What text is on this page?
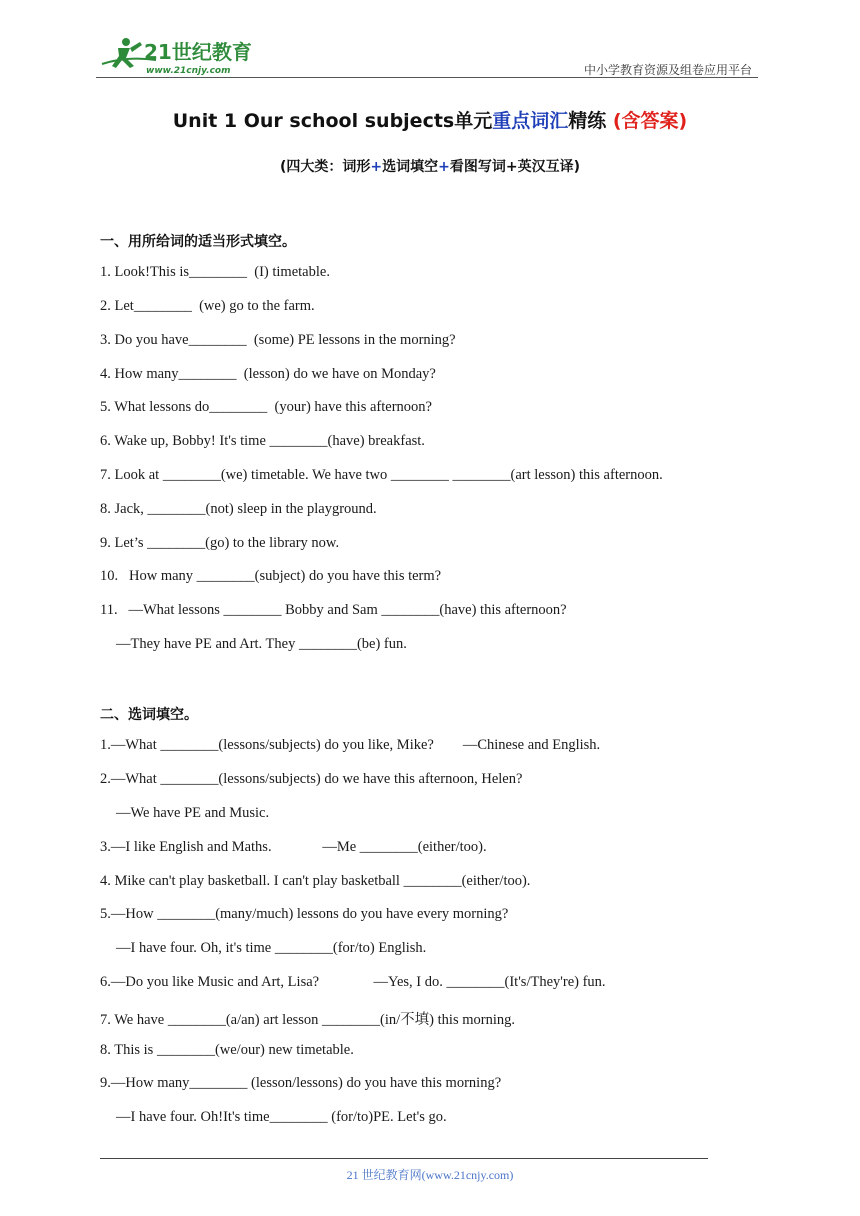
21世纪教育
www.21cnjy.com	中小学教育资源及组卷应用平台
Unit 1 Our school subjects单元重点词汇精练 (含答案)
(四大类：词形+选词填空+看图写词+英汉互译)
一、用所给词的适当形式填空。
1. Look!This is________  (I) timetable.
2. Let________  (we) go to the farm.
3. Do you have________  (some) PE lessons in the morning?
4. How many________  (lesson) do we have on Monday?
5. What lessons do________  (your) have this afternoon?
6. Wake up, Bobby! It's time ________(have) breakfast.
7. Look at ________(we) timetable. We have two ________ ________(art lesson) this afternoon.
8. Jack, ________(not) sleep in the playground.
9. Let’s ________(go) to the library now.
10.   How many ________(subject) do you have this term?
11.   —What lessons ________ Bobby and Sam ________(have) this afternoon?
—They have PE and Art. They ________(be) fun.
二、选词填空。
1.—What ________(lessons/subjects) do you like, Mike?        —Chinese and English.
2.—What ________(lessons/subjects) do we have this afternoon, Helen?
—We have PE and Music.
3.—I like English and Maths.              —Me ________(either/too).
4. Mike can't play basketball. I can't play basketball ________(either/too).
5.—How ________(many/much) lessons do you have every morning?
—I have four. Oh, it's time ________(for/to) English.
6.—Do you like Music and Art, Lisa?               —Yes, I do. ________(It's/They're) fun.
7. We have ________(a/an) art lesson ________(in/不填) this morning.
8. This is ________(we/our) new timetable.
9.—How many________ (lesson/lessons) do you have this morning?
—I have four. Oh!It's time________ (for/to)PE. Let's go.
21 世纪教育网(www.21cnjy.com)
